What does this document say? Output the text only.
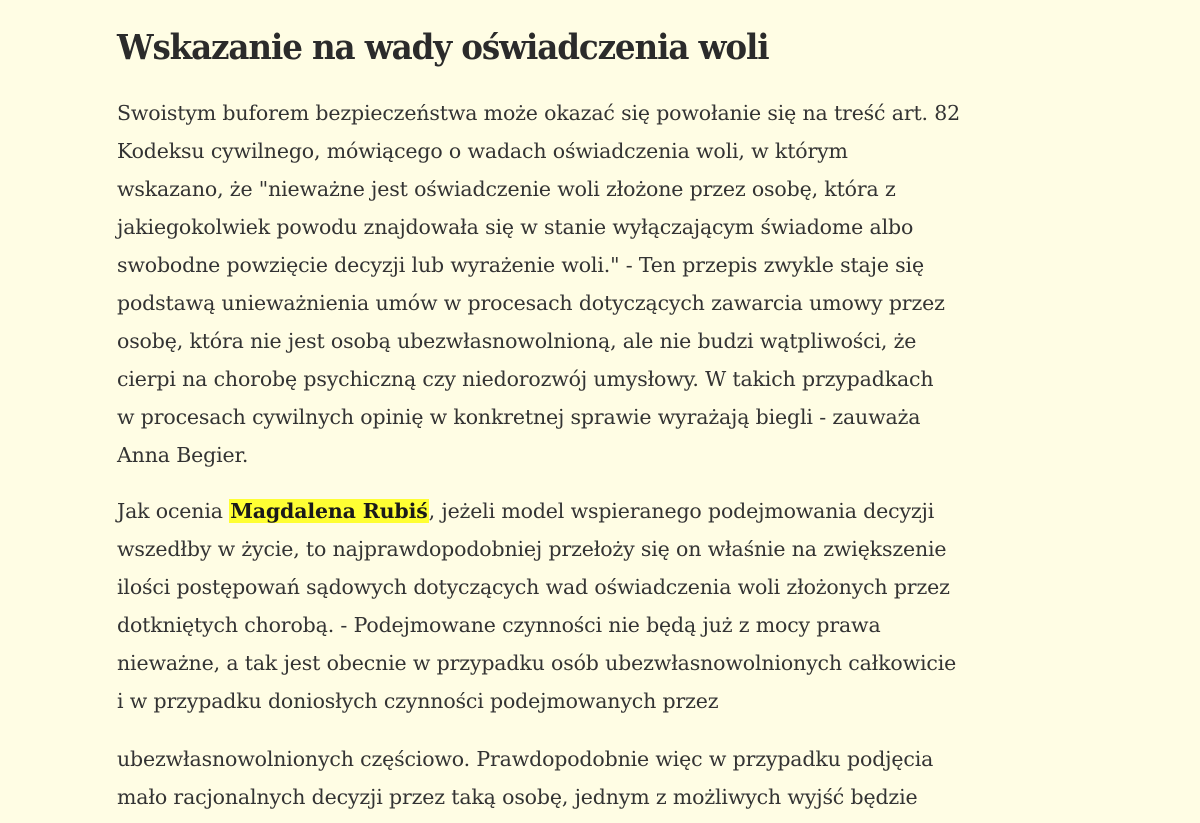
Wskazanie na wady oświadczenia woli

Swoistym buforem bezpieczeństwa może okazać się powołanie się na treść art. 82
Kodeksu cywilnego, mówiącego o wadach oświadczenia woli, w którym
wskazano, że "nieważne jest oświadczenie woli złożone przez osobę, która z
jakiegokolwiek powodu znajdowała się w stanie wyłączającym świadome albo
swobodne powzięcie decyzji lub wyrażenie woli." - Ten przepis zwykle staje się
podstawą unieważnienia umów w procesach dotyczących zawarcia umowy przez
osobę, która nie jest osobą ubezwłasnowolnioną, ale nie budzi wątpliwości, że
cierpi na chorobę psychiczną czy niedorozwój umysłowy. W takich przypadkach
w procesach cywilnych opinię w konkretnej sprawie wyrażają biegli - zauważa
Anna Begier.

Jak ocenia Magdalena Rubiś, jeżeli model wspieranego podejmowania decyzji
wszedłby w życie, to najprawdopodobniej przełoży się on właśnie na zwiększenie
ilości postępowań sądowych dotyczących wad oświadczenia woli złożonych przez
dotkniętych chorobą. - Podejmowane czynności nie będą już z mocy prawa
nieważne, a tak jest obecnie w przypadku osób ubezwłasnowolnionych całkowicie
i w przypadku doniosłych czynności podejmowanych przez

ubezwłasnowolnionych częściowo. Prawdopodobnie więc w przypadku podjęcia
mało racjonalnych decyzji przez taką osobę, jednym z możliwych wyjść będzie
